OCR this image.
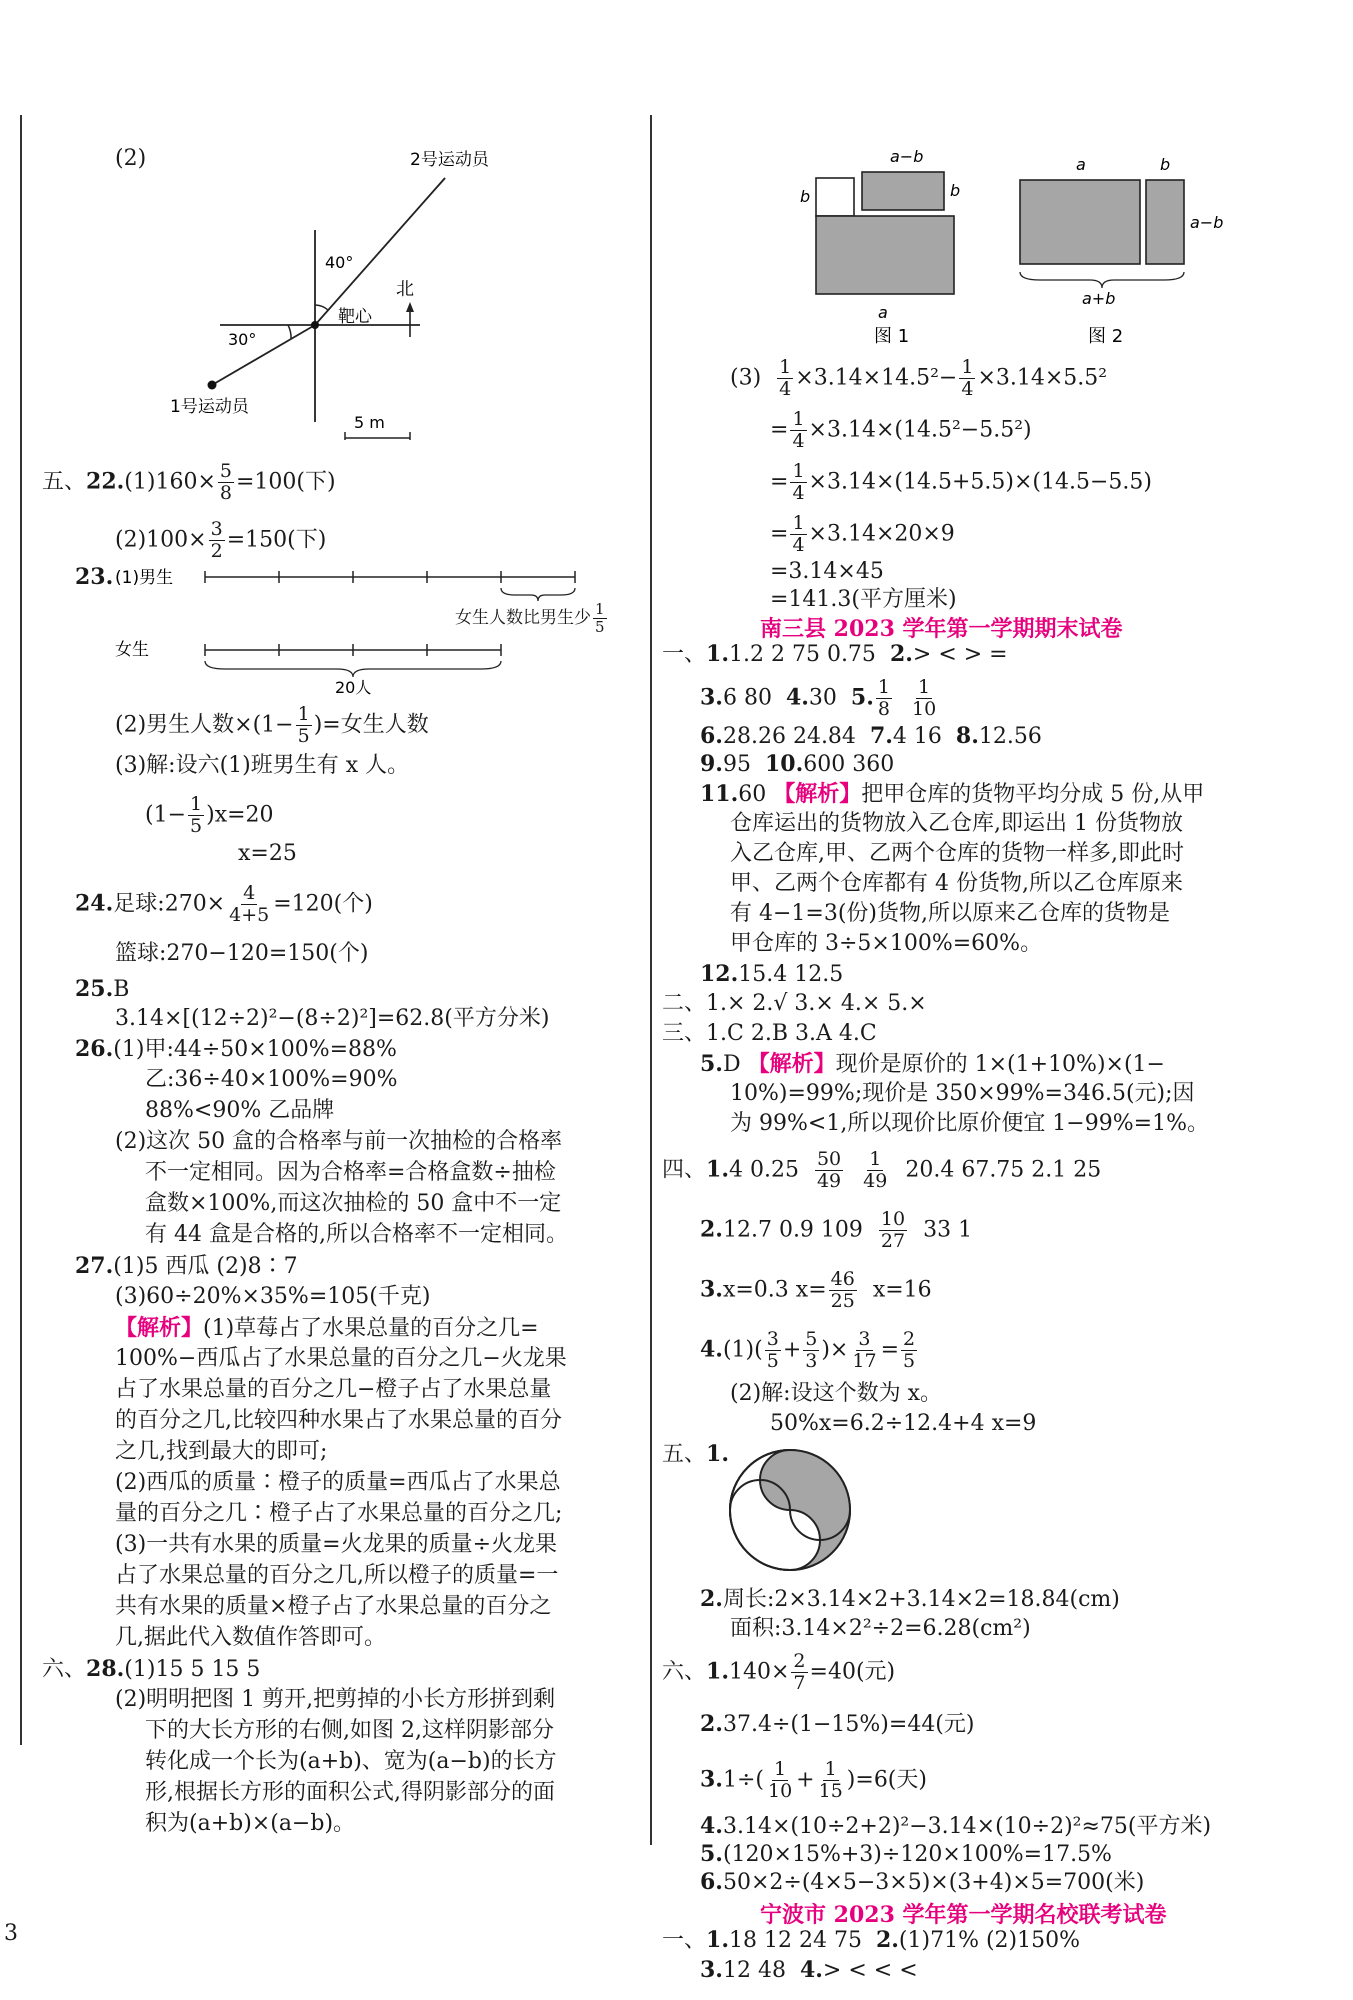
3
(2)	2号运动员
1号运动员
40°
30°
靶心
北
5 m
五、$22.(1)160\times \frac{5}{8} =100$(下)
$(2)100\times \frac{3}{2} =150$(下)
23. (1)男生
女生
20人
女生人数比男生少 $\frac{1}{5}$
(2)男生人数$\times(1- \frac{1}{5}$ )=女生人数
(3)解:设六(1)班男生有 x 人。
$(1- \frac{1}{5} )x=20$
x=25
24.足球:270× $\frac{4}{4+5} =120$(个)
篮球:270−120=150(个)
25.B
3.14×[(12÷2)²−(8÷2)²]=62.8(平方分米)
26.(1)甲:44÷50×100%=88%
乙:36÷40×100%=90%
88%<90% 乙品牌
(2)这次 50 盒的合格率与前一次抽检的合格率
不一定相同。因为合格率=合格盒数÷抽检
盒数×100%,而这次抽检的 50 盒中不一定
有 44 盒是合格的,所以合格率不一定相同。
27.(1)5 西瓜 (2)8∶7
(3)60÷20%×35%=105(千克)
【解析】(1)草莓占了水果总量的百分之几=
100%−西瓜占了水果总量的百分之几−火龙果
占了水果总量的百分之几−橙子占了水果总量
的百分之几,比较四种水果占了水果总量的百分
之几,找到最大的即可;
(2)西瓜的质量∶橙子的质量=西瓜占了水果总
量的百分之几∶橙子占了水果总量的百分之几;
(3)一共有水果的质量=火龙果的质量÷火龙果
占了水果总量的百分之几,所以橙子的质量=一
共有水果的质量×橙子占了水果总量的百分之
几,据此代入数值作答即可。
六、28.(1)15 5 15 5
(2)明明把图 1 剪开,把剪掉的小长方形拼到剩
下的大长方形的右侧,如图 2,这样阴影部分
转化成一个长为(a+b)、宽为(a−b)的长方
形,根据长方形的面积公式,得阴影部分的面
积为(a+b)×(a−b)。
a−b
b	b
a
图 1
a	b
a−b
a+b
图 2
$(3) \frac{1}{4} \times 3.14\times 14.5^2- \frac{1}{4} \times 3.14\times 5.5^2$
= $\frac{1}{4} \times 3.14\times(14.5^2-5.5^2)$
= $\frac{1}{4} \times 3.14\times(14.5+5.5)\times(14.5-5.5)$
= $\frac{1}{4} \times 3.14\times 20\times 9$
=3.14×45
=141.3(平方厘米)
南三县 2023 学年第一学期期末试卷
一、1.1.2 2 75 0.75 2.> < > =
3.6 80 4.30 5. $\frac{1}{8}$
$\frac{1}{10}$
6.28.26 24.84 7.4 16 8.12.56
9.95 10.600 360
11.60 【解析】把甲仓库的货物平均分成 5 份,从甲
仓库运出的货物放入乙仓库,即运出 1 份货物放
入乙仓库,甲、乙两个仓库的货物一样多,即此时
甲、乙两个仓库都有 4 份货物,所以乙仓库原来
有 4−1=3(份)货物,所以原来乙仓库的货物是
甲仓库的 3÷5×100%=60%。
12.15.4 12.5
二、1.× 2.√ 3.× 4.× 5.×
三、1.C 2.B 3.A 4.C
5.D 【解析】现价是原价的 1×(1+10%)×(1−
10%)=99%;现价是 350×99%=346.5(元);因
为 99%<1,所以现价比原价便宜 1−99%=1%。
四、1.4 $0.25 \frac{50}{49}$
$\frac{1}{49} 20.4$ 67.75 2.1 25
2.12.7 0.9 $109 \frac{10}{27} 33$ 1
3.x=0.3 $x= \frac{46}{25} x=16$
$4.(1)( \frac{3}{5} + \frac{5}{3}$ )× $\frac{3}{17} = \frac{2}{5}$
(2)解:设这个数为 x。
50%x=6.2÷12.4+4 x=9
五、1.
2.周长:2×3.14×2+3.14×2=18.84(cm)
面积:3.14×2²÷2=6.28(cm²)
六、$1.140\times \frac{2}{7} =40$(元)
2.37.4÷(1−15%)=44(元)
$3.1\div( \frac{1}{10} + \frac{1}{15} )=6$(天)
4.3.14×(10÷2+2)²−3.14×(10÷2)²≈75(平方米)
5.(120×15%+3)÷120×100%=17.5%
6.50×2÷(4×5−3×5)×(3+4)×5=700(米)
宁波市 2023 学年第一学期名校联考试卷
一、1.18 12 24 75 2.(1)71% (2)150%
3.12 48 4.> < < <
